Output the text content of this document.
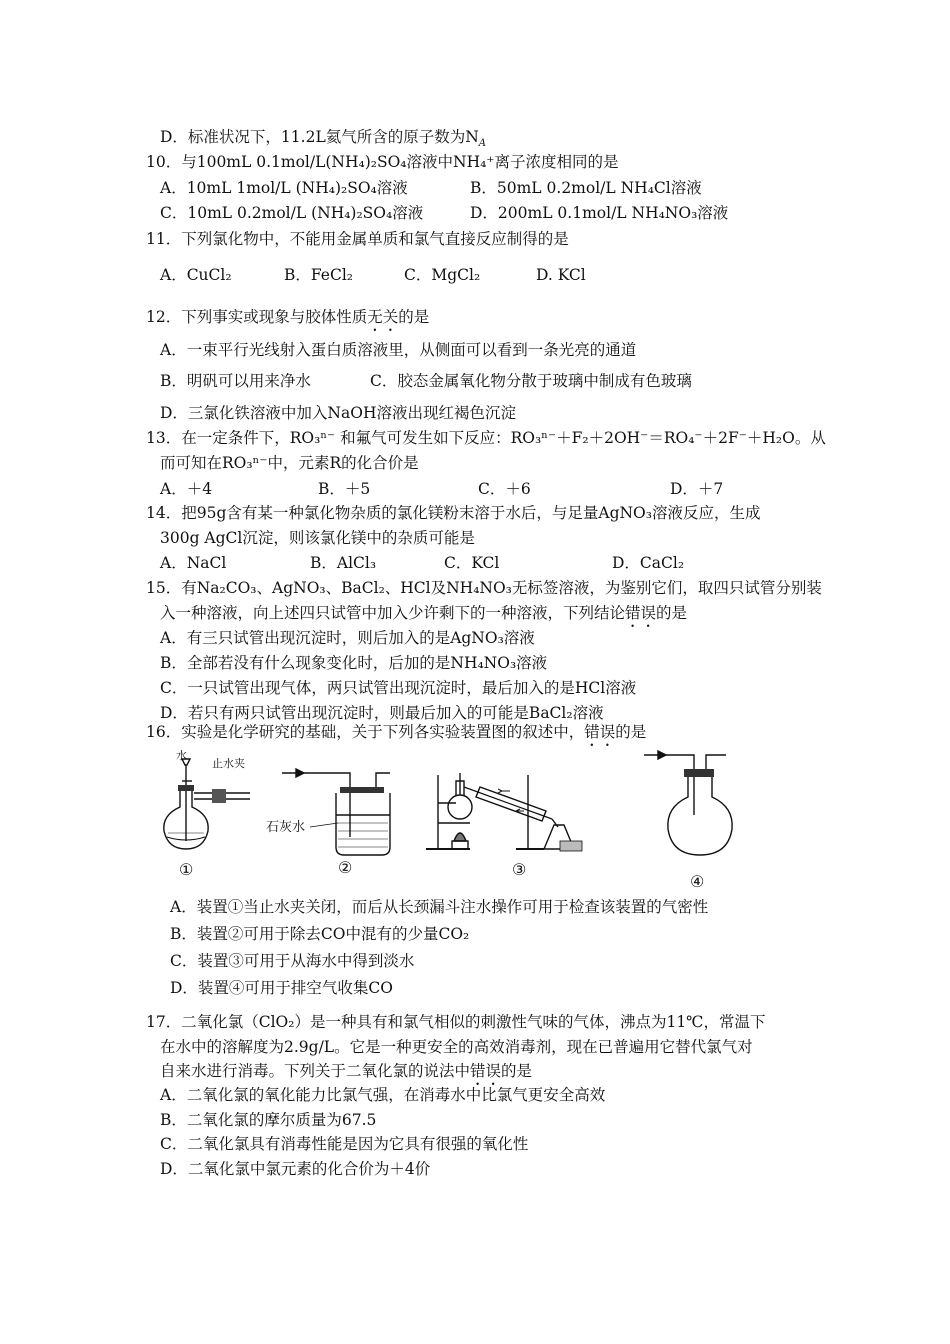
D．标准状况下，11.2L氦气所含的原子数为$N_A$
10．与100mL 0.1mol/L(NH₄)₂SO₄溶液中NH₄⁺离子浓度相同的是
A．10mL 1mol/L (NH₄)₂SO₄溶液	B．50mL 0.2mol/L NH₄Cl溶液
C．10mL 0.2mol/L (NH₄)₂SO₄溶液	D．200mL 0.1mol/L NH₄NO₃溶液
11．下列氯化物中，不能用金属单质和氯气直接反应制得的是
A．CuCl₂	B．FeCl₂	C．MgCl₂	D. KCl
12．下列事实或现象与胶体性质无关的是
A．一束平行光线射入蛋白质溶液里，从侧面可以看到一条光亮的通道
B．明矾可以用来净水	C．胶态金属氧化物分散于玻璃中制成有色玻璃
D．三氯化铁溶液中加入NaOH溶液出现红褐色沉淀
13．在一定条件下，RO₃ⁿ⁻ 和氟气可发生如下反应：RO₃ⁿ⁻＋F₂＋2OH⁻＝RO₄⁻＋2F⁻＋H₂O。从
而可知在RO₃ⁿ⁻中，元素R的化合价是
A．＋4	B．＋5	C．＋6	D．＋7
14．把95g含有某一种氯化物杂质的氯化镁粉末溶于水后，与足量AgNO₃溶液反应，生成
300g AgCl沉淀，则该氯化镁中的杂质可能是
A．NaCl	B．AlCl₃	C．KCl	D．CaCl₂
15．有Na₂CO₃、AgNO₃、BaCl₂、HCl及NH₄NO₃无标签溶液，为鉴别它们，取四只试管分别装
入一种溶液，向上述四只试管中加入少许剩下的一种溶液，下列结论错误的是
A．有三只试管出现沉淀时，则后加入的是AgNO₃溶液
B．全部若没有什么现象变化时，后加的是NH₄NO₃溶液
C．一只试管出现气体，两只试管出现沉淀时，最后加入的是HCl溶液
D．若只有两只试管出现沉淀时，则最后加入的可能是BaCl₂溶液
16．实验是化学研究的基础，关于下列各实验装置图的叙述中，错误的是
水
止水夹
①
石灰水
②	③
④
A．装置①当止水夹关闭，而后从长颈漏斗注水操作可用于检查该装置的气密性
B．装置②可用于除去CO中混有的少量CO₂
C．装置③可用于从海水中得到淡水
D．装置④可用于排空气收集CO
17．二氧化氯（ClO₂）是一种具有和氯气相似的刺激性气味的气体，沸点为11℃，常温下
在水中的溶解度为2.9g/L。它是一种更安全的高效消毒剂，现在已普遍用它替代氯气对
自来水进行消毒。下列关于二氧化氯的说法中错误的是
A．二氧化氯的氧化能力比氯气强，在消毒水中比氯气更安全高效
B．二氧化氯的摩尔质量为67.5
C．二氧化氯具有消毒性能是因为它具有很强的氧化性
D．二氧化氯中氯元素的化合价为＋4价
